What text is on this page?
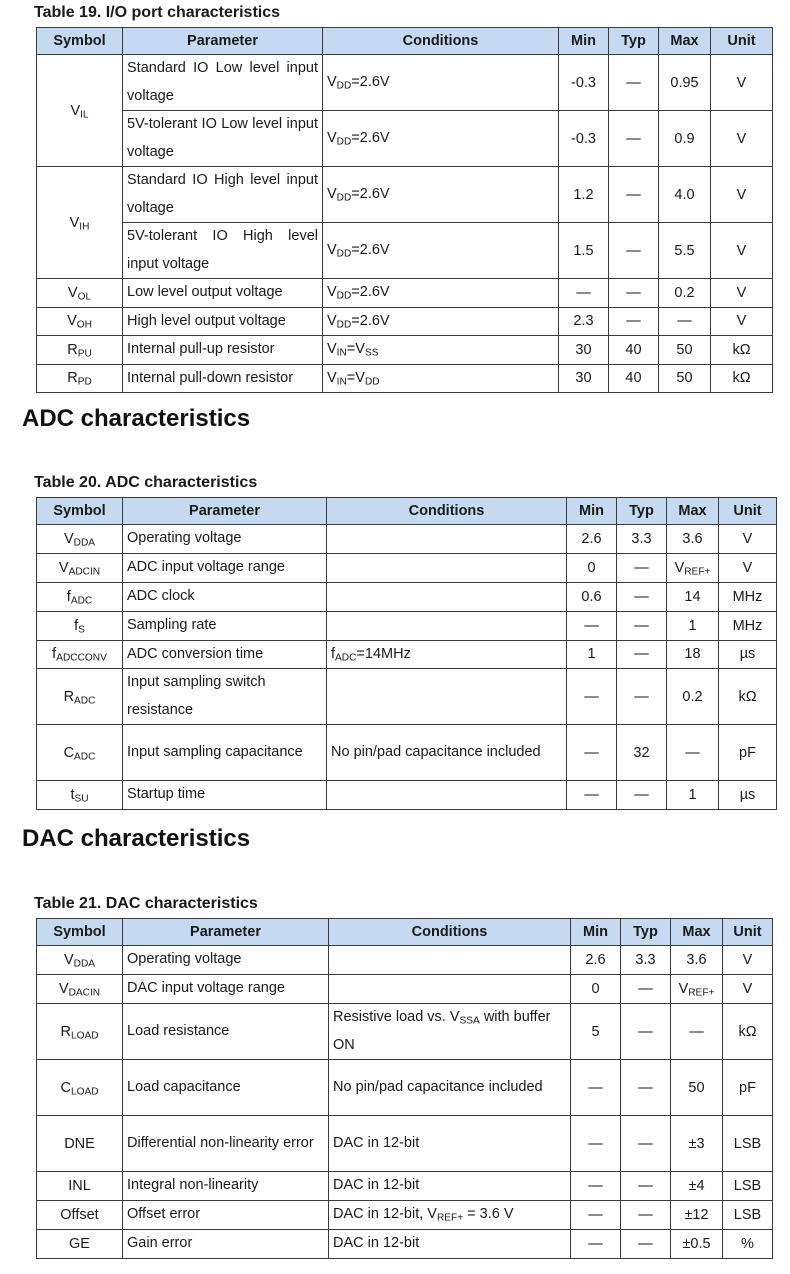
Table 19. I/O port characteristics
Symbol	Parameter	Conditions	Min	Typ	Max	Unit
$V_{IL}$	Standard IO Low level input voltage	$V_{DD}=2.6V$	-0.3	—	0.95	V
	5V-tolerant IO Low level input voltage	$V_{DD}=2.6V$	-0.3	—	0.9	V
$V_{IH}$	Standard IO High level input voltage	$V_{DD}=2.6V$	1.2	—	4.0	V
	5V-tolerant IO High level input voltage	$V_{DD}=2.6V$	1.5	—	5.5	V
$V_{OL}$	Low level output voltage	$V_{DD}=2.6V$	—	—	0.2	V
$V_{OH}$	High level output voltage	$V_{DD}=2.6V$	2.3	—	—	V
$R_{PU}$	Internal pull-up resistor	$V_{IN}=V_{SS}$	30	40	50	kΩ
$R_{PD}$	Internal pull-down resistor	$V_{IN}=V_{DD}$	30	40	50	kΩ
ADC characteristics
Table 20. ADC characteristics
Symbol	Parameter	Conditions	Min	Typ	Max	Unit
$V_{DDA}$	Operating voltage		2.6	3.3	3.6	V
$V_{ADCIN}$	ADC input voltage range		0	—	$V_{REF+}$	V
$f_{ADC}$	ADC clock		0.6	—	14	MHz
$f_S$	Sampling rate		—	—	1	MHz
$f_{ADCCONV}$	ADC conversion time	$f_{ADC}=14MHz$	1	—	18	µs
$R_{ADC}$	Input sampling switch resistance		—	—	0.2	kΩ
$C_{ADC}$	Input sampling capacitance	No pin/pad capacitance included	—	32	—	pF
$t_{SU}$	Startup time		—	—	1	µs
DAC characteristics
Table 21. DAC characteristics
Symbol	Parameter	Conditions	Min	Typ	Max	Unit
$V_{DDA}$	Operating voltage		2.6	3.3	3.6	V
$V_{DACIN}$	DAC input voltage range		0	—	$V_{REF+}$	V
$R_{LOAD}$	Load resistance	Resistive load vs. $V_{SSA}$ with buffer ON	5	—	—	kΩ
$C_{LOAD}$	Load capacitance	No pin/pad capacitance included	—	—	50	pF
DNE	Differential non-linearity error	DAC in 12-bit	—	—	±3	LSB
INL	Integral non-linearity	DAC in 12-bit	—	—	±4	LSB
Offset	Offset error	DAC in 12-bit, $V_{REF+} = 3.6$ V	—	—	±12	LSB
GE	Gain error	DAC in 12-bit	—	—	±0.5	%
